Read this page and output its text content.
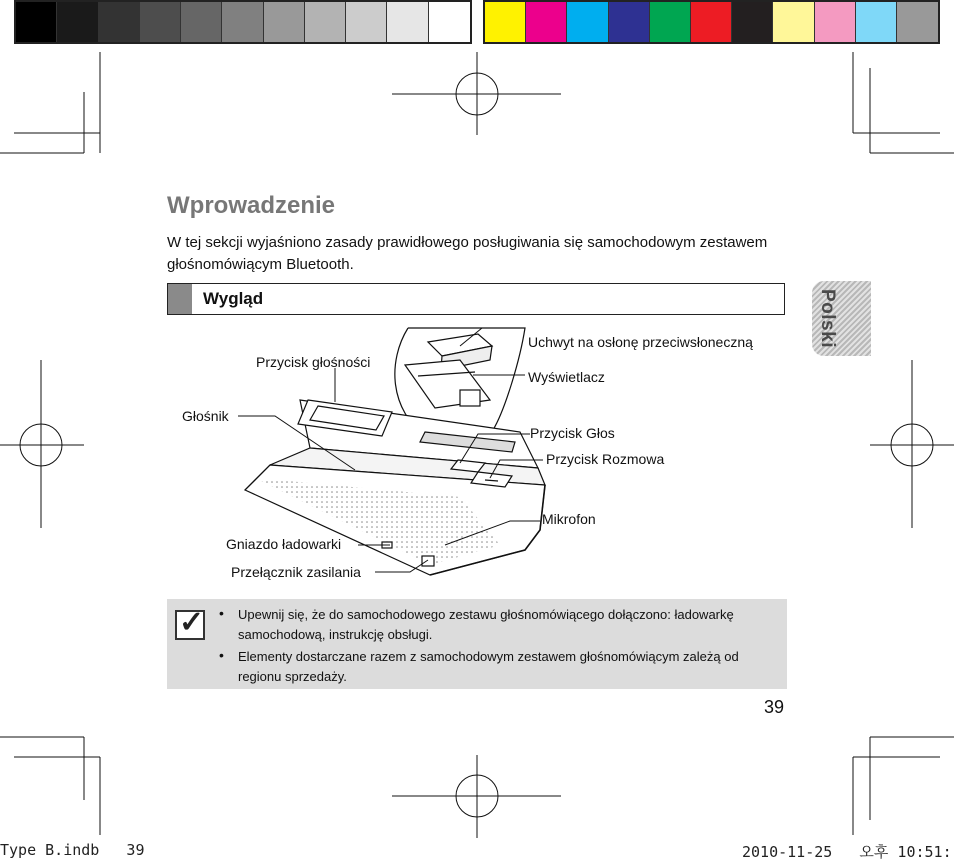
Polski
Wprowadzenie
W tej sekcji wyjaśniono zasady prawidłowego posługiwania się samochodowym zestawem głośnomówiącym Bluetooth.
Wygląd
Uchwyt na osłonę przeciwsłoneczną
Przycisk głośności
Wyświetlacz
Głośnik
Przycisk Głos
Przycisk Rozmowa
Mikrofon
Gniazdo ładowarki
Przełącznik zasilania
✓ • Upewnij się, że do samochodowego zestawu głośnomówiącego dołączono: ładowarkę samochodową, instrukcję obsługi.
• Elementy dostarczane razem z samochodowym zestawem głośnomówiącym zależą od regionu sprzedaży.
39
Type B.indb   39	2010-11-25   오후 10:51:
